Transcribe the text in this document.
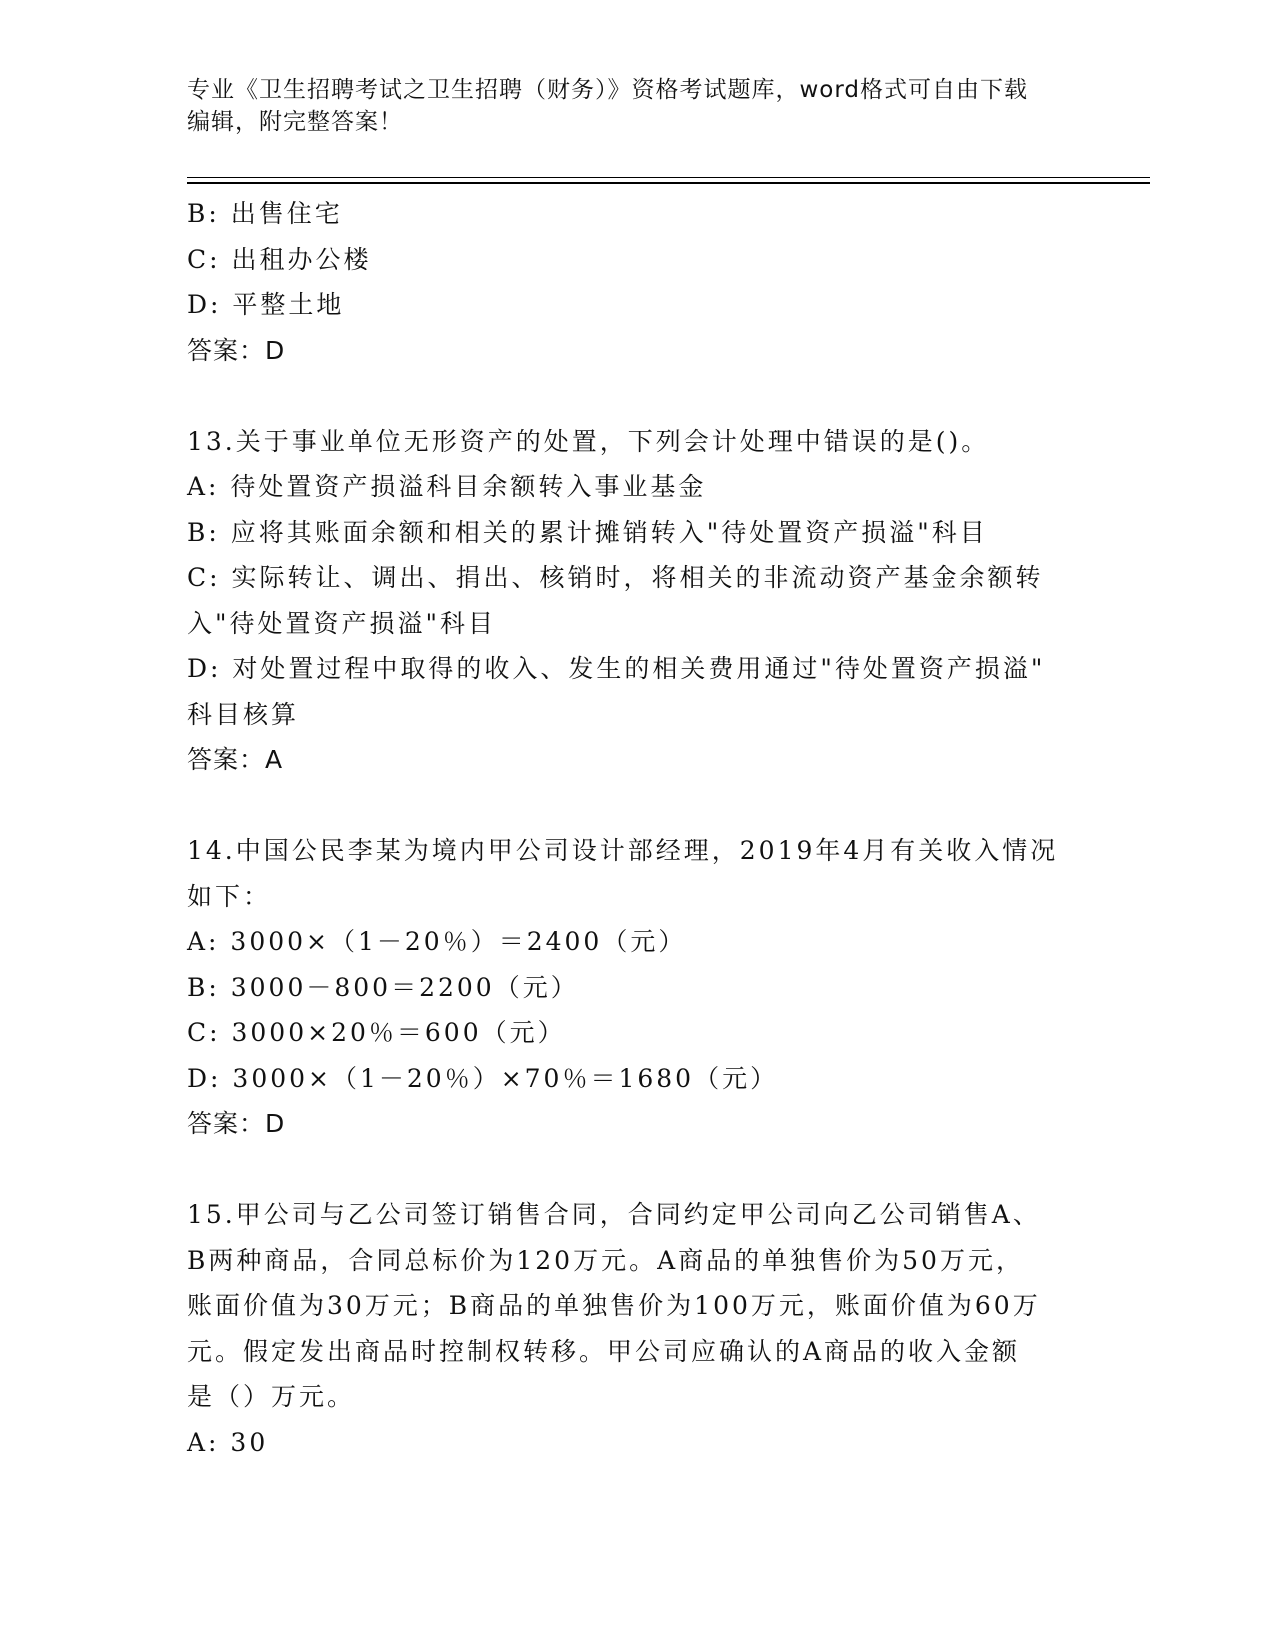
专业《卫生招聘考试之卫生招聘（财务）》资格考试题库，word格式可自由下载
编辑，附完整答案！
B: 出售住宅
C: 出租办公楼
D: 平整土地
答案：D
13.关于事业单位无形资产的处置，下列会计处理中错误的是()。
A: 待处置资产损溢科目余额转入事业基金
B: 应将其账面余额和相关的累计摊销转入"待处置资产损溢"科目
C: 实际转让、调出、捐出、核销时，将相关的非流动资产基金余额转
入"待处置资产损溢"科目
D: 对处置过程中取得的收入、发生的相关费用通过"待处置资产损溢"
科目核算
答案：A
14.中国公民李某为境内甲公司设计部经理，2019年4月有关收入情况
如下：
A: 3000×（1－20％）＝2400（元）
B: 3000－800＝2200（元）
C: 3000×20％＝600（元）
D: 3000×（1－20％）×70％＝1680（元）
答案：D
15.甲公司与乙公司签订销售合同，合同约定甲公司向乙公司销售A、
B两种商品，合同总标价为120万元。A商品的单独售价为50万元，
账面价值为30万元；B商品的单独售价为100万元，账面价值为60万
元。假定发出商品时控制权转移。甲公司应确认的A商品的收入金额
是（）万元。
A: 30
